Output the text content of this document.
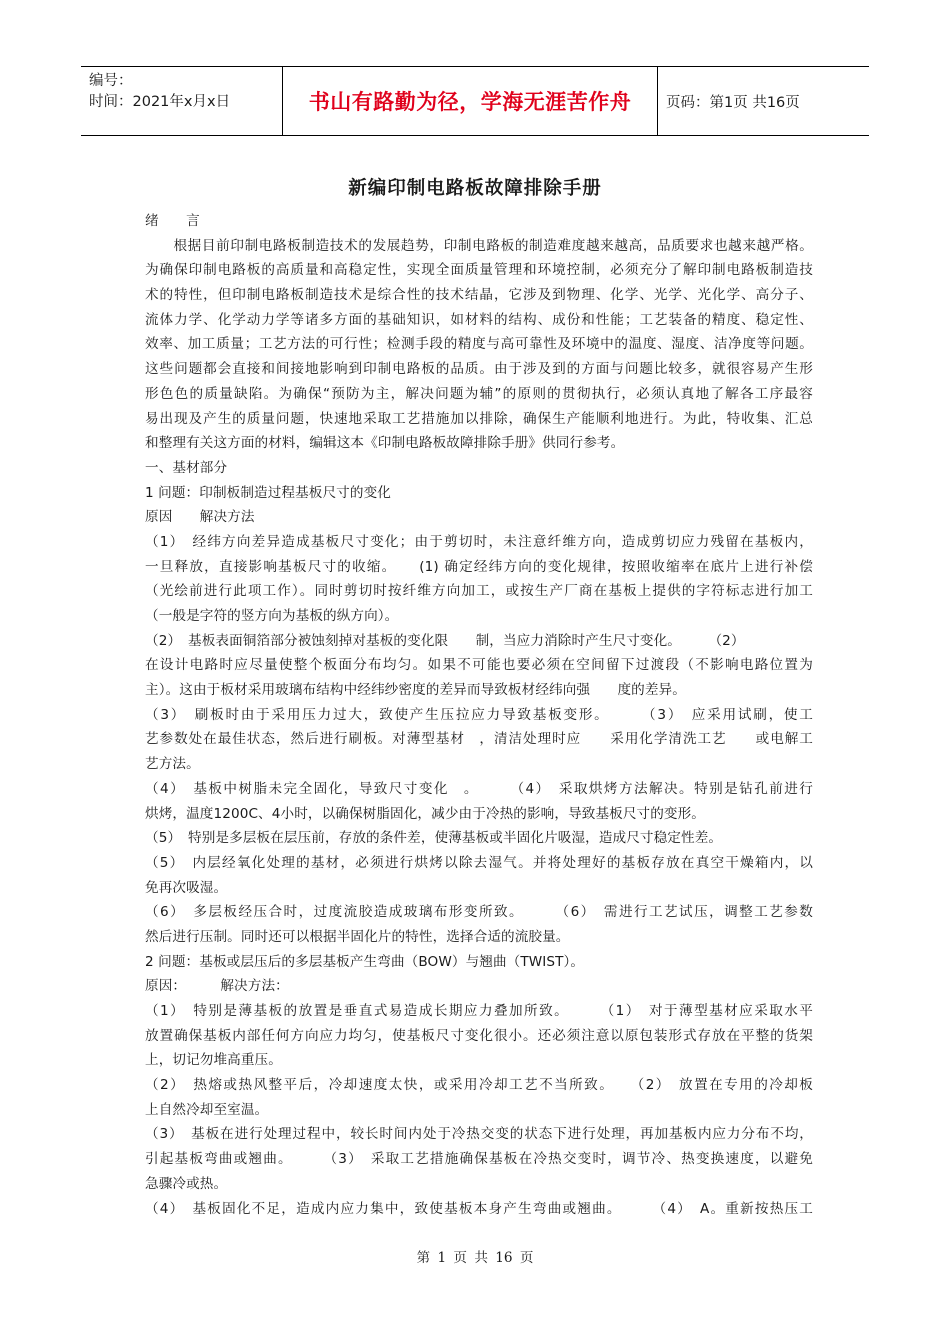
编号：
时间：2021年x月x日	书山有路勤为径，学海无涯苦作舟	页码：第1页 共16页
新编印制电路板故障排除手册
绪　　言
　　根据目前印制电路板制造技术的发展趋势，印制电路板的制造难度越来越高，品质要求也越来越严格。
为确保印制电路板的高质量和高稳定性，实现全面质量管理和环境控制，必须充分了解印制电路板制造技
术的特性，但印制电路板制造技术是综合性的技术结晶，它涉及到物理、化学、光学、光化学、高分子、
流体力学、化学动力学等诸多方面的基础知识，如材料的结构、成份和性能；工艺装备的精度、稳定性、
效率、加工质量；工艺方法的可行性；检测手段的精度与高可靠性及环境中的温度、湿度、洁净度等问题。
这些问题都会直接和间接地影响到印制电路板的品质。由于涉及到的方面与问题比较多，就很容易产生形
形色色的质量缺陷。为确保“预防为主，解决问题为辅”的原则的贯彻执行，必须认真地了解各工序最容
易出现及产生的质量问题，快速地采取工艺措施加以排除，确保生产能顺利地进行。为此，特收集、汇总
和整理有关这方面的材料，编辑这本《印制电路板故障排除手册》供同行参考。
一、基材部分
1 问题：印制板制造过程基板尺寸的变化
原因　　解决方法
（1）　经纬方向差异造成基板尺寸变化；由于剪切时，未注意纤维方向，造成剪切应力残留在基板内，
一旦释放，直接影响基板尺寸的收缩。　　(1) 确定经纬方向的变化规律，按照收缩率在底片上进行补偿
（光绘前进行此项工作）。同时剪切时按纤维方向加工，或按生产厂商在基板上提供的字符标志进行加工
（一般是字符的竖方向为基板的纵方向）。
（2）　基板表面铜箔部分被蚀刻掉对基板的变化限　　制，当应力消除时产生尺寸变化。　　　（2）
在设计电路时应尽量使整个板面分布均匀。如果不可能也要必须在空间留下过渡段（不影响电路位置为
主）。这由于板材采用玻璃布结构中经纬纱密度的差异而导致板材经纬向强　　度的差异。
（3）　刷板时由于采用压力过大，致使产生压拉应力导致基板变形。　　　（3）　应采用试刷，使工
艺参数处在最佳状态，然后进行刷板。对薄型基材　，清洁处理时应　　采用化学清洗工艺　　或电解工
艺方法。
（4）　基板中树脂未完全固化，导致尺寸变化　。　　　（4）　采取烘烤方法解决。特别是钻孔前进行
烘烤，温度1200C、4小时，以确保树脂固化，减少由于冷热的影响，导致基板尺寸的变形。
（5）　特别是多层板在层压前，存放的条件差，使薄基板或半固化片吸湿，造成尺寸稳定性差。
（5）　内层经氧化处理的基材，必须进行烘烤以除去湿气。并将处理好的基板存放在真空干燥箱内，以
免再次吸湿。
（6）　多层板经压合时，过度流胶造成玻璃布形变所致。　　　（6）　需进行工艺试压，调整工艺参数
然后进行压制。同时还可以根据半固化片的特性，选择合适的流胶量。
2 问题：基板或层压后的多层基板产生弯曲（BOW）与翘曲（TWIST）。
原因：　　　解决方法：
（1）　特别是薄基板的放置是垂直式易造成长期应力叠加所致。　　　（1）　对于薄型基材应采取水平
放置确保基板内部任何方向应力均匀，使基板尺寸变化很小。还必须注意以原包装形式存放在平整的货架
上，切记勿堆高重压。
（2）　热熔或热风整平后，冷却速度太快，或采用冷却工艺不当所致。　　（2）　放置在专用的冷却板
上自然冷却至室温。
（3）　基板在进行处理过程中，较长时间内处于冷热交变的状态下进行处理，再加基板内应力分布不均，
引起基板弯曲或翘曲。　　　（3）　采取工艺措施确保基板在冷热交变时，调节冷、热变换速度，以避免
急骤冷或热。
（4）　基板固化不足，造成内应力集中，致使基板本身产生弯曲或翘曲。　　　（4）　A。重新按热压工
第 1 页 共 16 页
